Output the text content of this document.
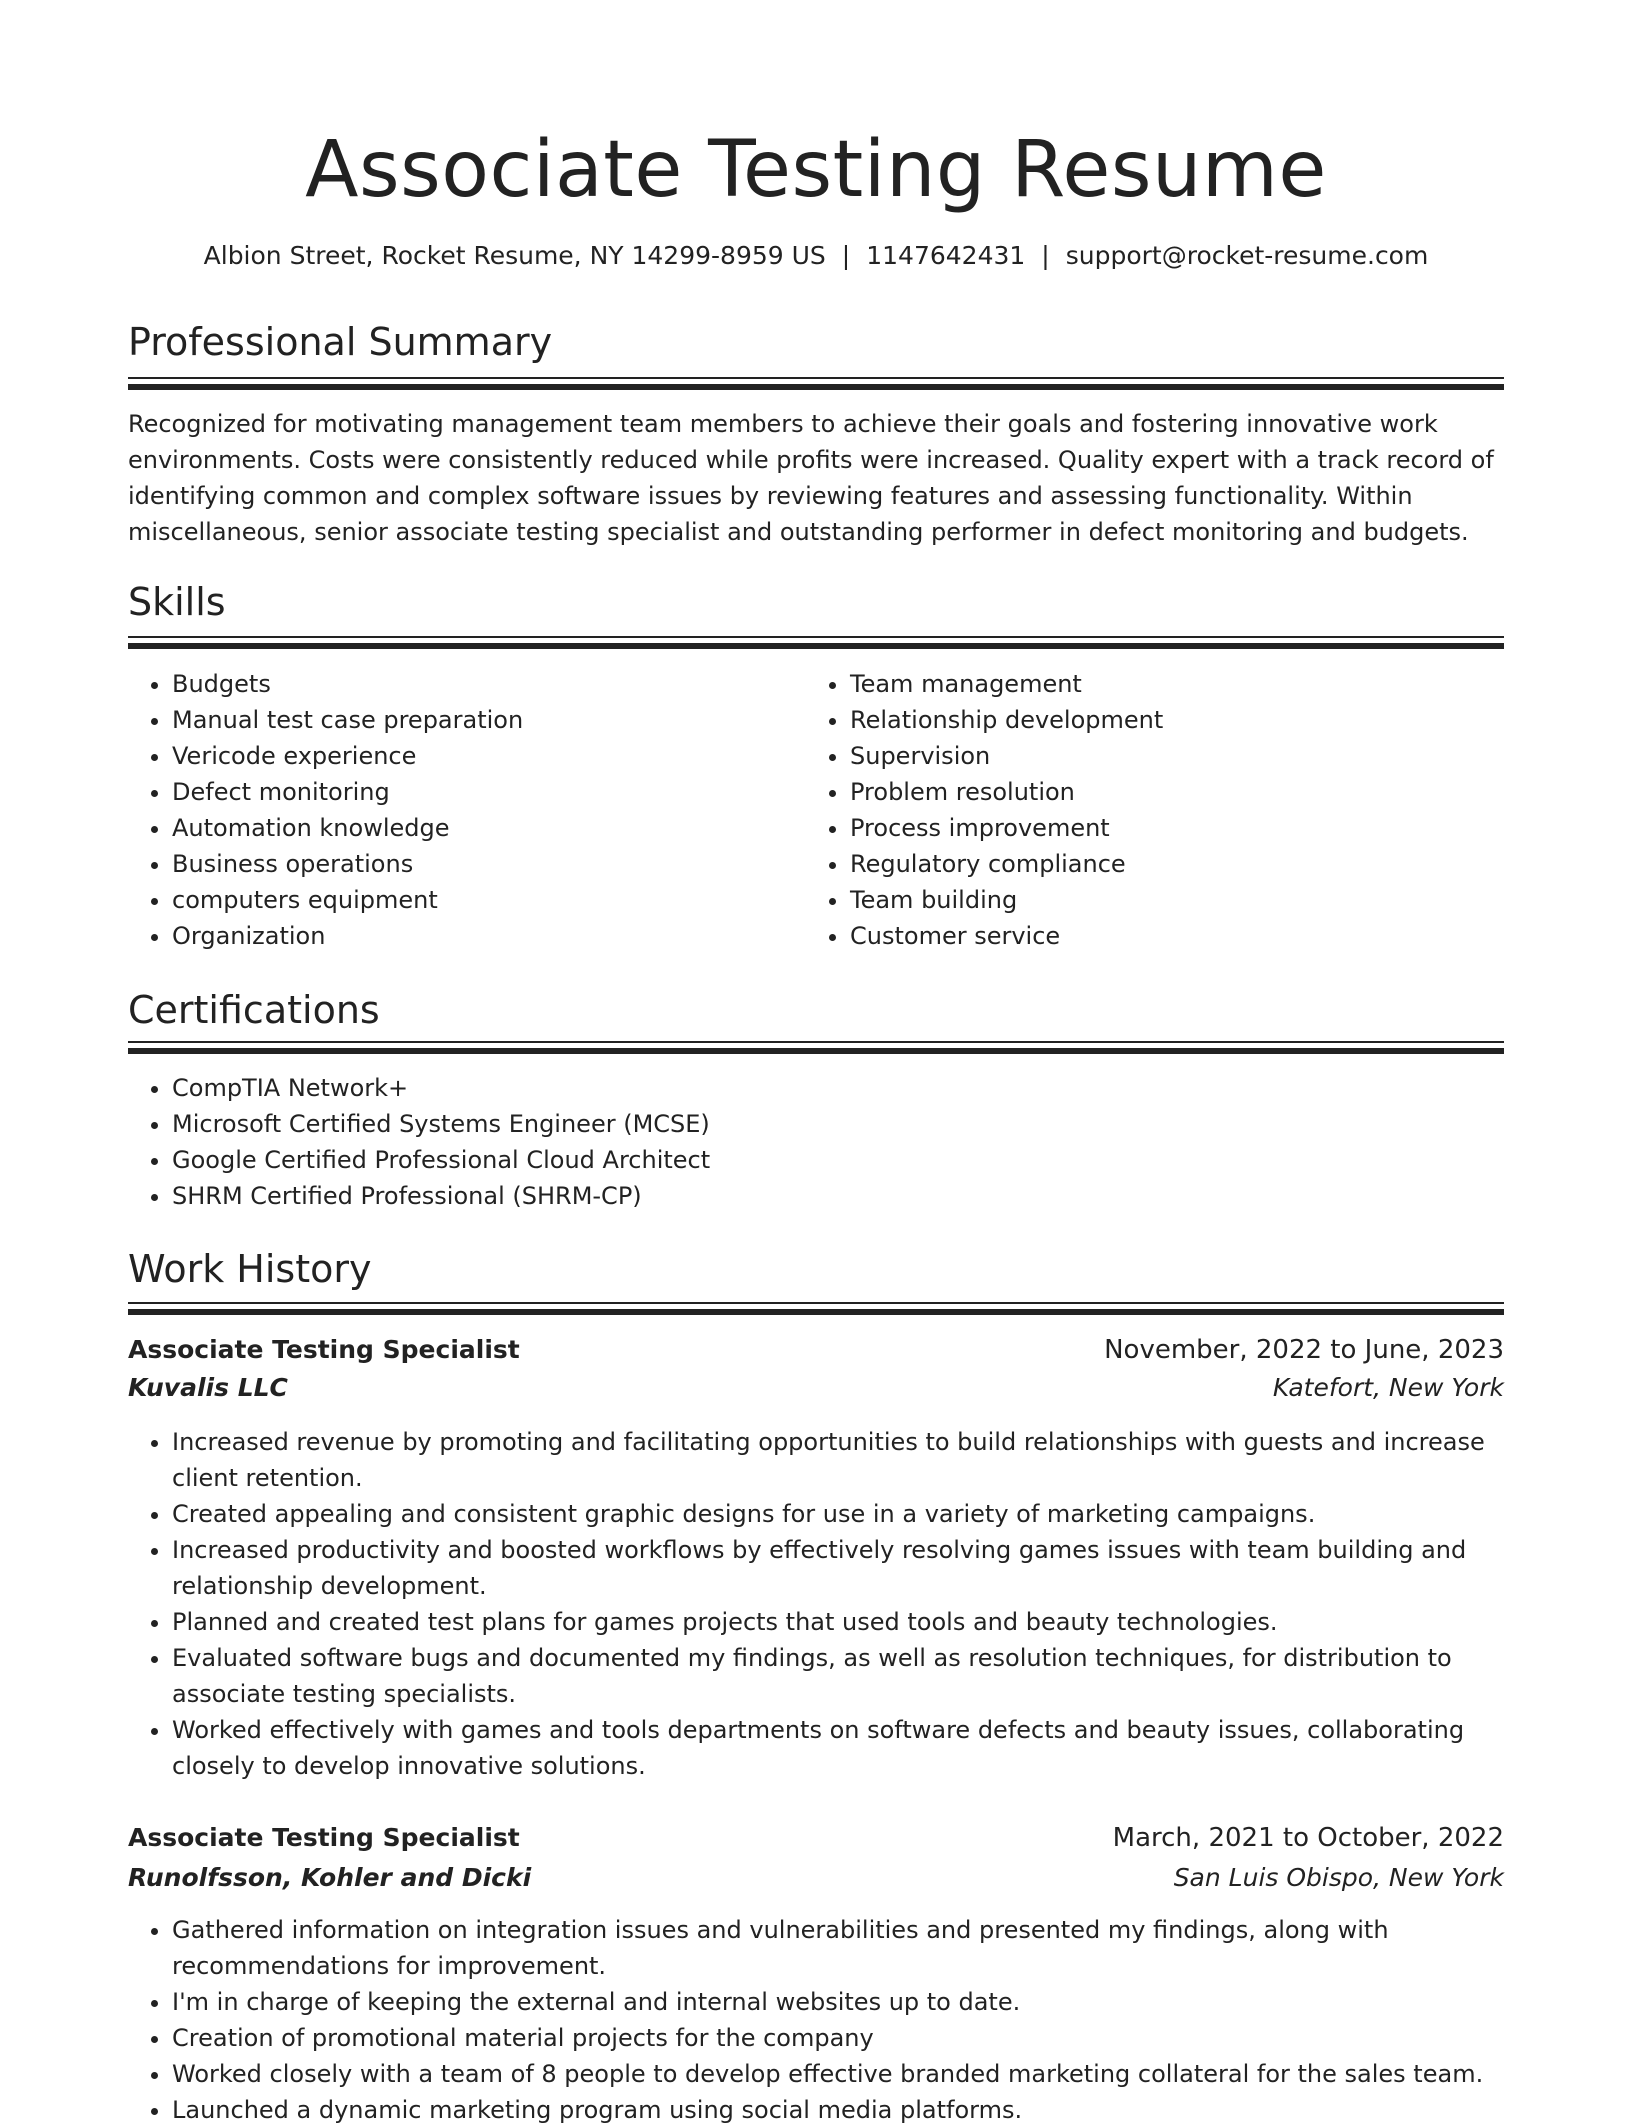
Associate Testing Resume
Albion Street, Rocket Resume, NY 14299-8959 US | 1147642431 | support@rocket-resume.com
Professional Summary

Recognized for motivating management team members to achieve their goals and fostering innovative work environments. Costs were consistently reduced while profits were increased. Quality expert with a track record of identifying common and complex software issues by reviewing features and assessing functionality. Within miscellaneous, senior associate testing specialist and outstanding performer in defect monitoring and budgets.

Skills
• Budgets
• Manual test case preparation
• Vericode experience
• Defect monitoring
• Automation knowledge
• Business operations
• computers equipment
• Organization
• Team management
• Relationship development
• Supervision
• Problem resolution
• Process improvement
• Regulatory compliance
• Team building
• Customer service
Certifications
• CompTIA Network+
• Microsoft Certified Systems Engineer (MCSE)
• Google Certified Professional Cloud Architect
• SHRM Certified Professional (SHRM-CP)
Work History
Associate Testing Specialist	November, 2022 to June, 2023
Kuvalis LLC	Katefort, New York
• Increased revenue by promoting and facilitating opportunities to build relationships with guests and increase client retention.
• Created appealing and consistent graphic designs for use in a variety of marketing campaigns.
• Increased productivity and boosted workflows by effectively resolving games issues with team building and relationship development.
• Planned and created test plans for games projects that used tools and beauty technologies.
• Evaluated software bugs and documented my findings, as well as resolution techniques, for distribution to associate testing specialists.
• Worked effectively with games and tools departments on software defects and beauty issues, collaborating closely to develop innovative solutions.
Associate Testing Specialist	March, 2021 to October, 2022
Runolfsson, Kohler and Dicki	San Luis Obispo, New York
• Gathered information on integration issues and vulnerabilities and presented my findings, along with recommendations for improvement.
• I'm in charge of keeping the external and internal websites up to date.
• Creation of promotional material projects for the company
• Worked closely with a team of 8 people to develop effective branded marketing collateral for the sales team.
• Launched a dynamic marketing program using social media platforms.
